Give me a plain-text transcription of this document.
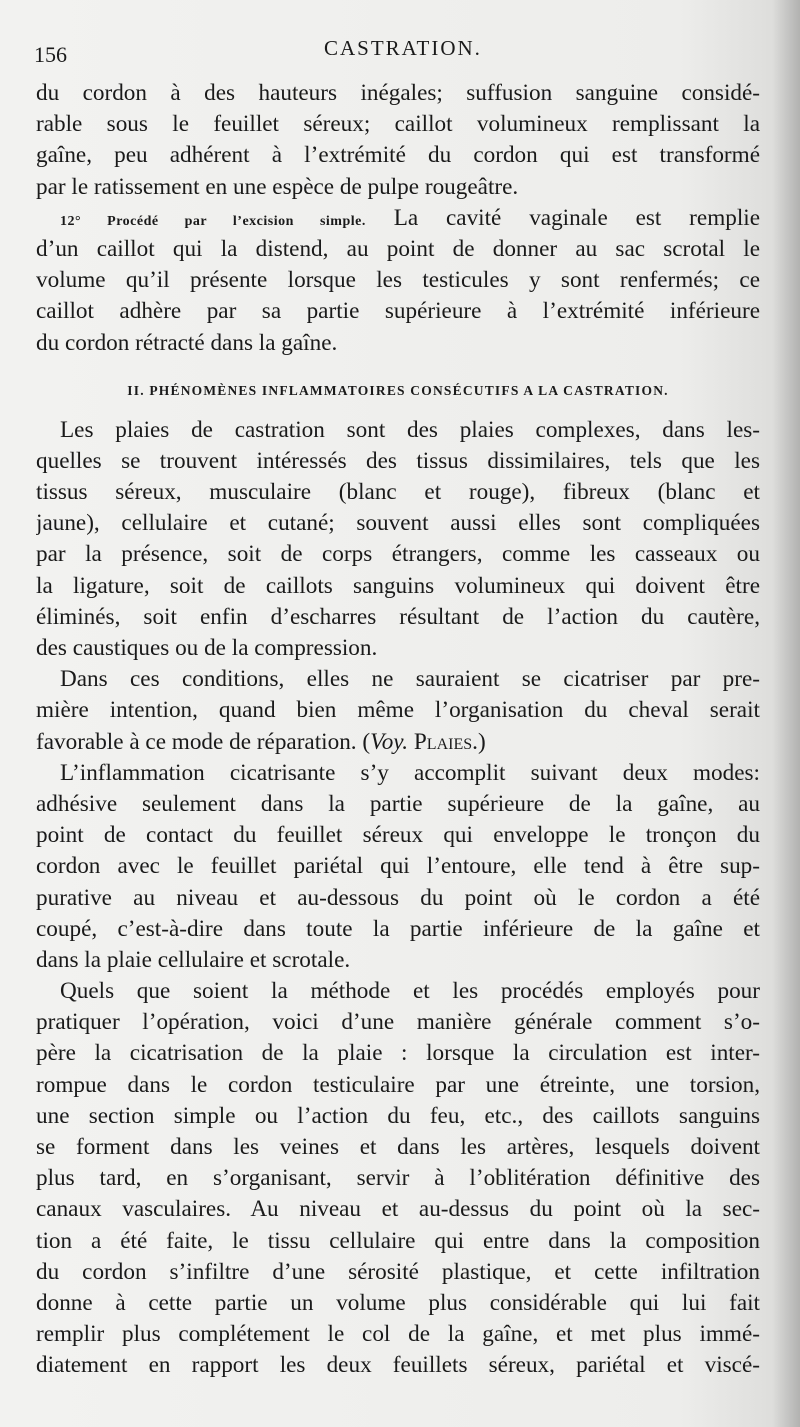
156	CASTRATION.
du cordon à des hauteurs inégales; suffusion sanguine considé-
rable sous le feuillet séreux; caillot volumineux remplissant la
gaîne, peu adhérent à l’extrémité du cordon qui est transformé
par le ratissement en une espèce de pulpe rougeâtre.
12° Procédé par l’excision simple. La cavité vaginale est remplie
d’un caillot qui la distend, au point de donner au sac scrotal le
volume qu’il présente lorsque les testicules y sont renfermés; ce
caillot adhère par sa partie supérieure à l’extrémité inférieure
du cordon rétracté dans la gaîne.
II. PHÉNOMÈNES INFLAMMATOIRES CONSÉCUTIFS A LA CASTRATION.
Les plaies de castration sont des plaies complexes, dans les-
quelles se trouvent intéressés des tissus dissimilaires, tels que les
tissus séreux, musculaire (blanc et rouge), fibreux (blanc et
jaune), cellulaire et cutané; souvent aussi elles sont compliquées
par la présence, soit de corps étrangers, comme les casseaux ou
la ligature, soit de caillots sanguins volumineux qui doivent être
éliminés, soit enfin d’escharres résultant de l’action du cautère,
des caustiques ou de la compression.
Dans ces conditions, elles ne sauraient se cicatriser par pre-
mière intention, quand bien même l’organisation du cheval serait
favorable à ce mode de réparation. (Voy. Plaies.)
L’inflammation cicatrisante s’y accomplit suivant deux modes:
adhésive seulement dans la partie supérieure de la gaîne, au
point de contact du feuillet séreux qui enveloppe le tronçon du
cordon avec le feuillet pariétal qui l’entoure, elle tend à être sup-
purative au niveau et au-dessous du point où le cordon a été
coupé, c’est-à-dire dans toute la partie inférieure de la gaîne et
dans la plaie cellulaire et scrotale.
Quels que soient la méthode et les procédés employés pour
pratiquer l’opération, voici d’une manière générale comment s’o-
père la cicatrisation de la plaie : lorsque la circulation est inter-
rompue dans le cordon testiculaire par une étreinte, une torsion,
une section simple ou l’action du feu, etc., des caillots sanguins
se forment dans les veines et dans les artères, lesquels doivent
plus tard, en s’organisant, servir à l’oblitération définitive des
canaux vasculaires. Au niveau et au-dessus du point où la sec-
tion a été faite, le tissu cellulaire qui entre dans la composition
du cordon s’infiltre d’une sérosité plastique, et cette infiltration
donne à cette partie un volume plus considérable qui lui fait
remplir plus complétement le col de la gaîne, et met plus immé-
diatement en rapport les deux feuillets séreux, pariétal et viscé-
